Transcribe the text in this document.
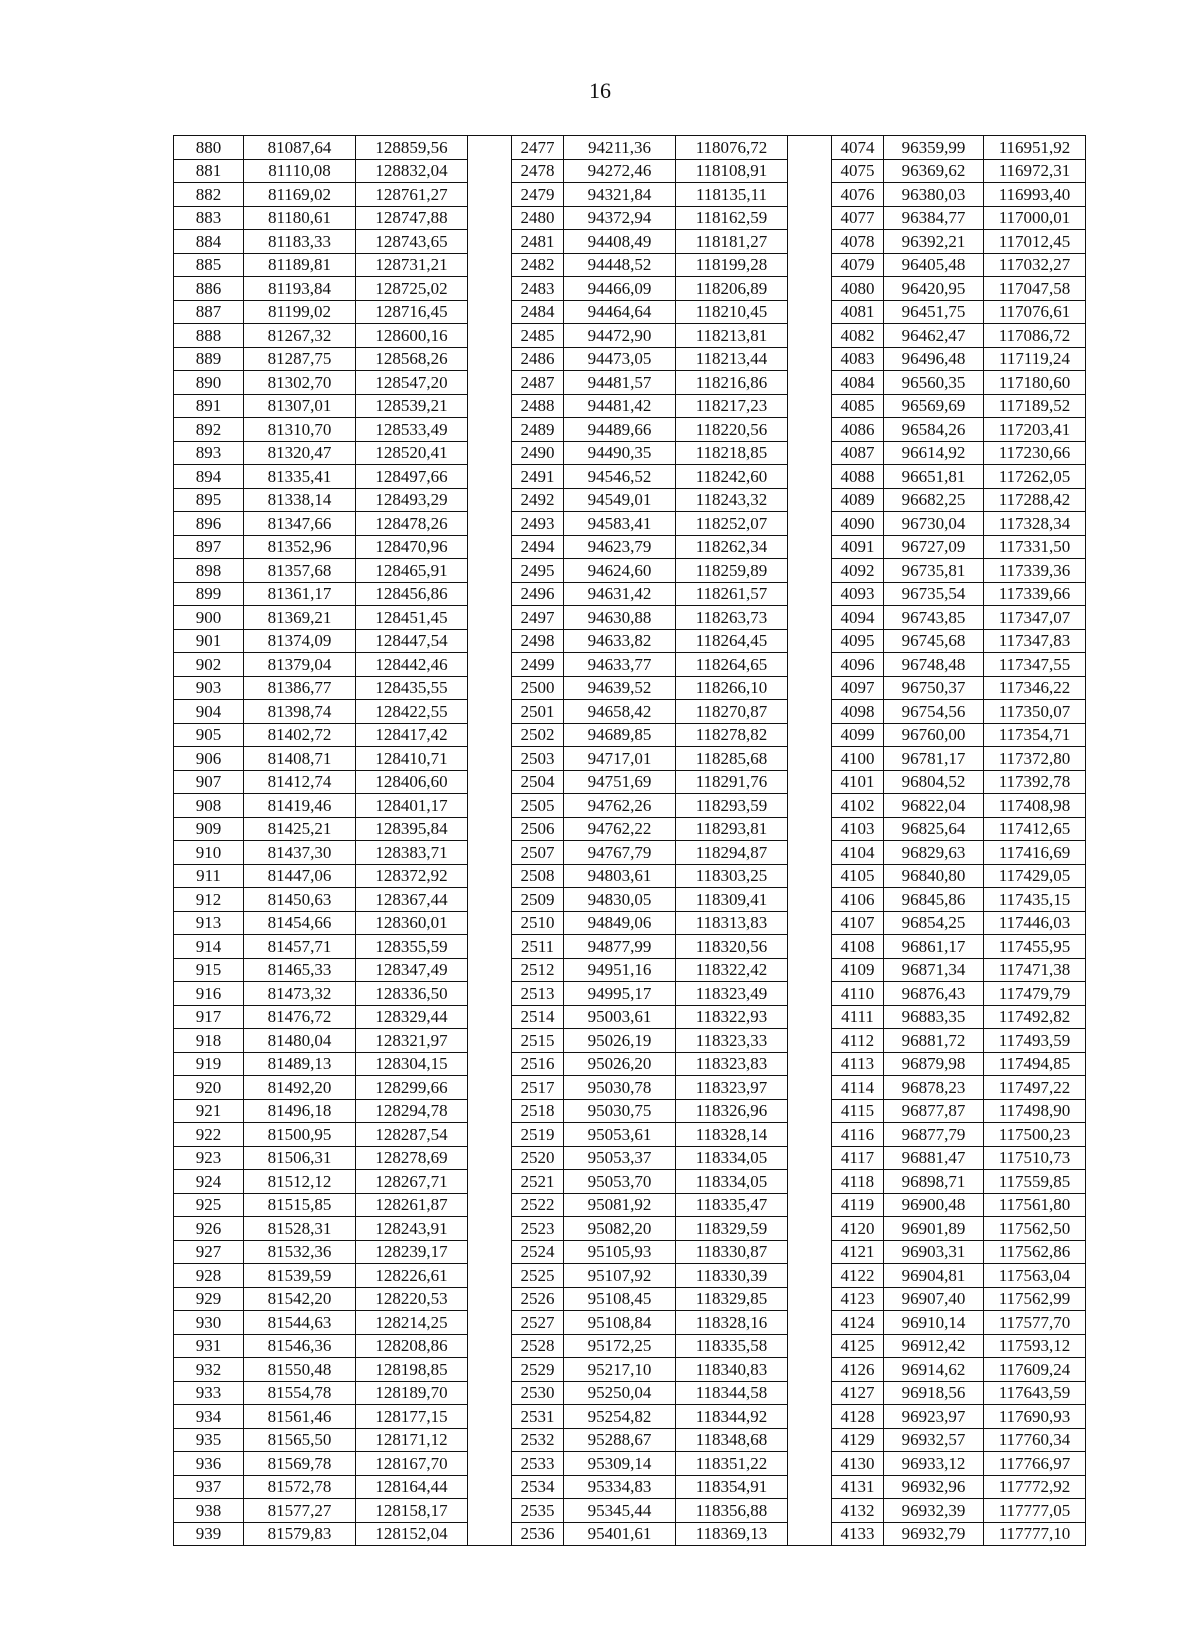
16
880	81087,64	128859,56		2477	94211,36	118076,72		4074	96359,99	116951,92
881	81110,08	128832,04		2478	94272,46	118108,91		4075	96369,62	116972,31
882	81169,02	128761,27		2479	94321,84	118135,11		4076	96380,03	116993,40
883	81180,61	128747,88		2480	94372,94	118162,59		4077	96384,77	117000,01
884	81183,33	128743,65		2481	94408,49	118181,27		4078	96392,21	117012,45
885	81189,81	128731,21		2482	94448,52	118199,28		4079	96405,48	117032,27
886	81193,84	128725,02		2483	94466,09	118206,89		4080	96420,95	117047,58
887	81199,02	128716,45		2484	94464,64	118210,45		4081	96451,75	117076,61
888	81267,32	128600,16		2485	94472,90	118213,81		4082	96462,47	117086,72
889	81287,75	128568,26		2486	94473,05	118213,44		4083	96496,48	117119,24
890	81302,70	128547,20		2487	94481,57	118216,86		4084	96560,35	117180,60
891	81307,01	128539,21		2488	94481,42	118217,23		4085	96569,69	117189,52
892	81310,70	128533,49		2489	94489,66	118220,56		4086	96584,26	117203,41
893	81320,47	128520,41		2490	94490,35	118218,85		4087	96614,92	117230,66
894	81335,41	128497,66		2491	94546,52	118242,60		4088	96651,81	117262,05
895	81338,14	128493,29		2492	94549,01	118243,32		4089	96682,25	117288,42
896	81347,66	128478,26		2493	94583,41	118252,07		4090	96730,04	117328,34
897	81352,96	128470,96		2494	94623,79	118262,34		4091	96727,09	117331,50
898	81357,68	128465,91		2495	94624,60	118259,89		4092	96735,81	117339,36
899	81361,17	128456,86		2496	94631,42	118261,57		4093	96735,54	117339,66
900	81369,21	128451,45		2497	94630,88	118263,73		4094	96743,85	117347,07
901	81374,09	128447,54		2498	94633,82	118264,45		4095	96745,68	117347,83
902	81379,04	128442,46		2499	94633,77	118264,65		4096	96748,48	117347,55
903	81386,77	128435,55		2500	94639,52	118266,10		4097	96750,37	117346,22
904	81398,74	128422,55		2501	94658,42	118270,87		4098	96754,56	117350,07
905	81402,72	128417,42		2502	94689,85	118278,82		4099	96760,00	117354,71
906	81408,71	128410,71		2503	94717,01	118285,68		4100	96781,17	117372,80
907	81412,74	128406,60		2504	94751,69	118291,76		4101	96804,52	117392,78
908	81419,46	128401,17		2505	94762,26	118293,59		4102	96822,04	117408,98
909	81425,21	128395,84		2506	94762,22	118293,81		4103	96825,64	117412,65
910	81437,30	128383,71		2507	94767,79	118294,87		4104	96829,63	117416,69
911	81447,06	128372,92		2508	94803,61	118303,25		4105	96840,80	117429,05
912	81450,63	128367,44		2509	94830,05	118309,41		4106	96845,86	117435,15
913	81454,66	128360,01		2510	94849,06	118313,83		4107	96854,25	117446,03
914	81457,71	128355,59		2511	94877,99	118320,56		4108	96861,17	117455,95
915	81465,33	128347,49		2512	94951,16	118322,42		4109	96871,34	117471,38
916	81473,32	128336,50		2513	94995,17	118323,49		4110	96876,43	117479,79
917	81476,72	128329,44		2514	95003,61	118322,93		4111	96883,35	117492,82
918	81480,04	128321,97		2515	95026,19	118323,33		4112	96881,72	117493,59
919	81489,13	128304,15		2516	95026,20	118323,83		4113	96879,98	117494,85
920	81492,20	128299,66		2517	95030,78	118323,97		4114	96878,23	117497,22
921	81496,18	128294,78		2518	95030,75	118326,96		4115	96877,87	117498,90
922	81500,95	128287,54		2519	95053,61	118328,14		4116	96877,79	117500,23
923	81506,31	128278,69		2520	95053,37	118334,05		4117	96881,47	117510,73
924	81512,12	128267,71		2521	95053,70	118334,05		4118	96898,71	117559,85
925	81515,85	128261,87		2522	95081,92	118335,47		4119	96900,48	117561,80
926	81528,31	128243,91		2523	95082,20	118329,59		4120	96901,89	117562,50
927	81532,36	128239,17		2524	95105,93	118330,87		4121	96903,31	117562,86
928	81539,59	128226,61		2525	95107,92	118330,39		4122	96904,81	117563,04
929	81542,20	128220,53		2526	95108,45	118329,85		4123	96907,40	117562,99
930	81544,63	128214,25		2527	95108,84	118328,16		4124	96910,14	117577,70
931	81546,36	128208,86		2528	95172,25	118335,58		4125	96912,42	117593,12
932	81550,48	128198,85		2529	95217,10	118340,83		4126	96914,62	117609,24
933	81554,78	128189,70		2530	95250,04	118344,58		4127	96918,56	117643,59
934	81561,46	128177,15		2531	95254,82	118344,92		4128	96923,97	117690,93
935	81565,50	128171,12		2532	95288,67	118348,68		4129	96932,57	117760,34
936	81569,78	128167,70		2533	95309,14	118351,22		4130	96933,12	117766,97
937	81572,78	128164,44		2534	95334,83	118354,91		4131	96932,96	117772,92
938	81577,27	128158,17		2535	95345,44	118356,88		4132	96932,39	117777,05
939	81579,83	128152,04		2536	95401,61	118369,13		4133	96932,79	117777,10
